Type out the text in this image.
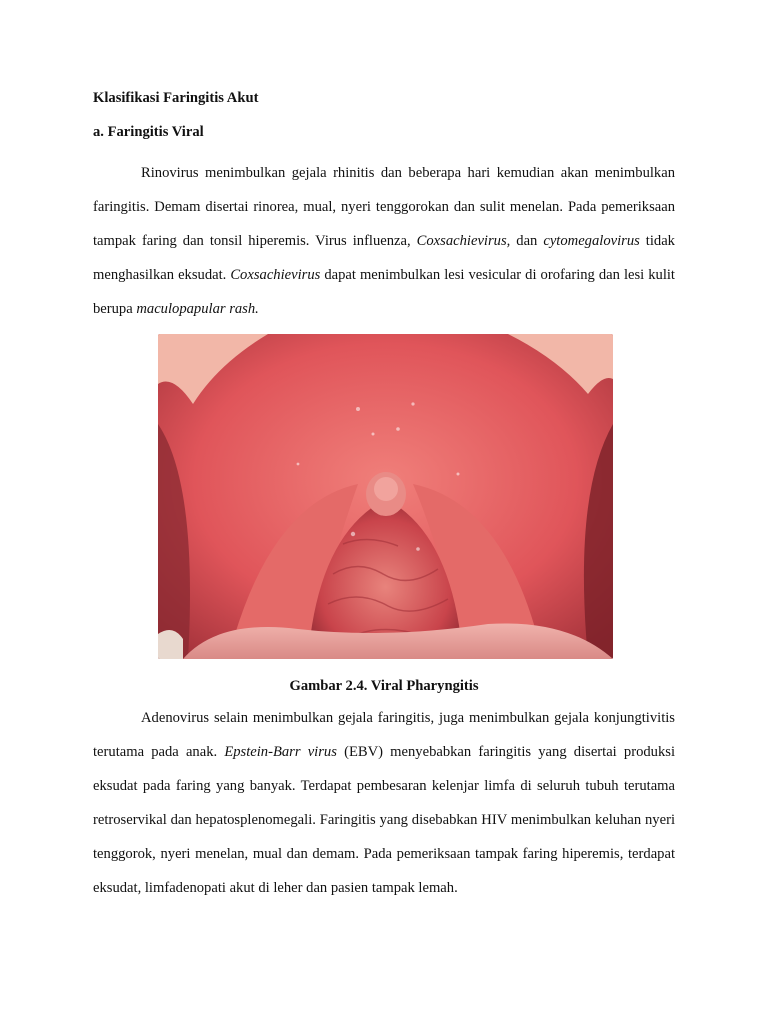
Klasifikasi Faringitis Akut

a. Faringitis Viral

Rinovirus menimbulkan gejala rhinitis dan beberapa hari kemudian akan menimbulkan faringitis. Demam disertai rinorea, mual, nyeri tenggorokan dan sulit menelan. Pada pemeriksaan tampak faring dan tonsil hiperemis. Virus influenza, Coxsachievirus, dan cytomegalovirus tidak menghasilkan eksudat. Coxsachievirus dapat menimbulkan lesi vesicular di orofaring dan lesi kulit berupa maculopapular rash.

Gambar 2.4. Viral Pharyngitis

Adenovirus selain menimbulkan gejala faringitis, juga menimbulkan gejala konjungtivitis terutama pada anak. Epstein-Barr virus (EBV) menyebabkan faringitis yang disertai produksi eksudat pada faring yang banyak. Terdapat pembesaran kelenjar limfa di seluruh tubuh terutama retroservikal dan hepatosplenomegali. Faringitis yang disebabkan HIV menimbulkan keluhan nyeri tenggorok, nyeri menelan, mual dan demam. Pada pemeriksaan tampak faring hiperemis, terdapat eksudat, limfadenopati akut di leher dan pasien tampak lemah.
